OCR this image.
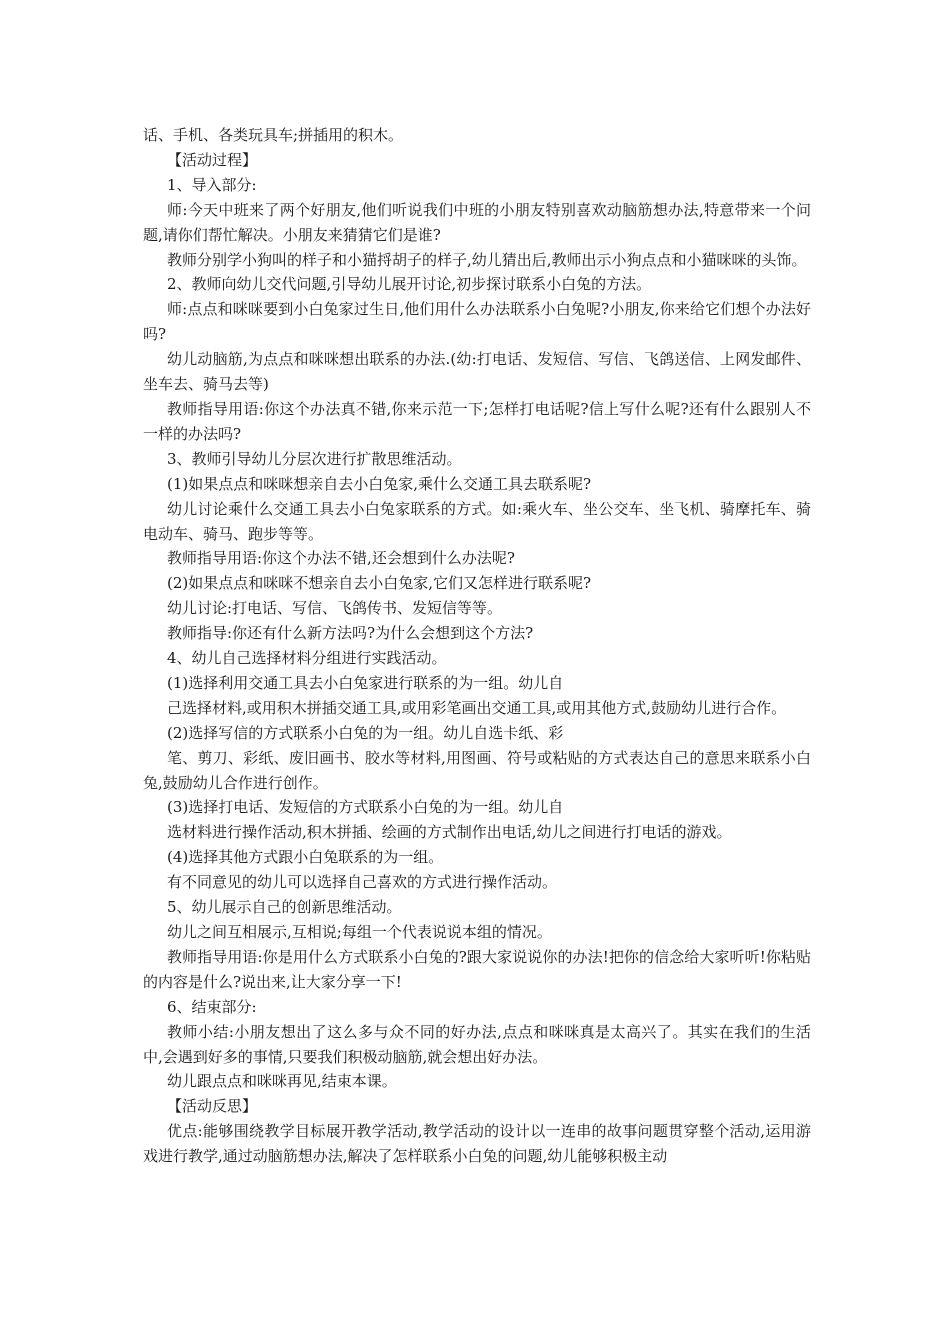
话、手机、各类玩具车;拼插用的积木。

【活动过程】

1、导入部分:

师:今天中班来了两个好朋友,他们听说我们中班的小朋友特别喜欢动脑筋想办法,特意带来一个问题,请你们帮忙解决。小朋友来猜猜它们是谁?

教师分别学小狗叫的样子和小猫捋胡子的样子,幼儿猜出后,教师出示小狗点点和小猫咪咪的头饰。

2、教师向幼儿交代问题,引导幼儿展开讨论,初步探讨联系小白兔的方法。

师:点点和咪咪要到小白兔家过生日,他们用什么办法联系小白兔呢?小朋友,你来给它们想个办法好吗?

幼儿动脑筋,为点点和咪咪想出联系的办法.(幼:打电话、发短信、写信、飞鸽送信、上网发邮件、坐车去、骑马去等)

教师指导用语:你这个办法真不错,你来示范一下;怎样打电话呢?信上写什么呢?还有什么跟别人不一样的办法吗?

3、教师引导幼儿分层次进行扩散思维活动。

(1)如果点点和咪咪想亲自去小白兔家,乘什么交通工具去联系呢?

幼儿讨论乘什么交通工具去小白兔家联系的方式。如:乘火车、坐公交车、坐飞机、骑摩托车、骑电动车、骑马、跑步等等。

教师指导用语:你这个办法不错,还会想到什么办法呢?

(2)如果点点和咪咪不想亲自去小白兔家,它们又怎样进行联系呢?

幼儿讨论:打电话、写信、飞鸽传书、发短信等等。

教师指导:你还有什么新方法吗?为什么会想到这个方法?

4、幼儿自己选择材料分组进行实践活动。

(1)选择利用交通工具去小白兔家进行联系的为一组。幼儿自

己选择材料,或用积木拼插交通工具,或用彩笔画出交通工具,或用其他方式,鼓励幼儿进行合作。

(2)选择写信的方式联系小白兔的为一组。幼儿自选卡纸、彩

笔、剪刀、彩纸、废旧画书、胶水等材料,用图画、符号或粘贴的方式表达自己的意思来联系小白兔,鼓励幼儿合作进行创作。

(3)选择打电话、发短信的方式联系小白兔的为一组。幼儿自

选材料进行操作活动,积木拼插、绘画的方式制作出电话,幼儿之间进行打电话的游戏。

(4)选择其他方式跟小白兔联系的为一组。

有不同意见的幼儿可以选择自己喜欢的方式进行操作活动。

5、幼儿展示自己的创新思维活动。

幼儿之间互相展示,互相说;每组一个代表说说本组的情况。

教师指导用语:你是用什么方式联系小白兔的?跟大家说说你的办法!把你的信念给大家听听!你粘贴的内容是什么?说出来,让大家分享一下!

6、结束部分:

教师小结:小朋友想出了这么多与众不同的好办法,点点和咪咪真是太高兴了。其实在我们的生活中,会遇到好多的事情,只要我们积极动脑筋,就会想出好办法。

幼儿跟点点和咪咪再见,结束本课。

【活动反思】

优点:能够围绕教学目标展开教学活动,教学活动的设计以一连串的故事问题贯穿整个活动,运用游戏进行教学,通过动脑筋想办法,解决了怎样联系小白兔的问题,幼儿能够积极主动
